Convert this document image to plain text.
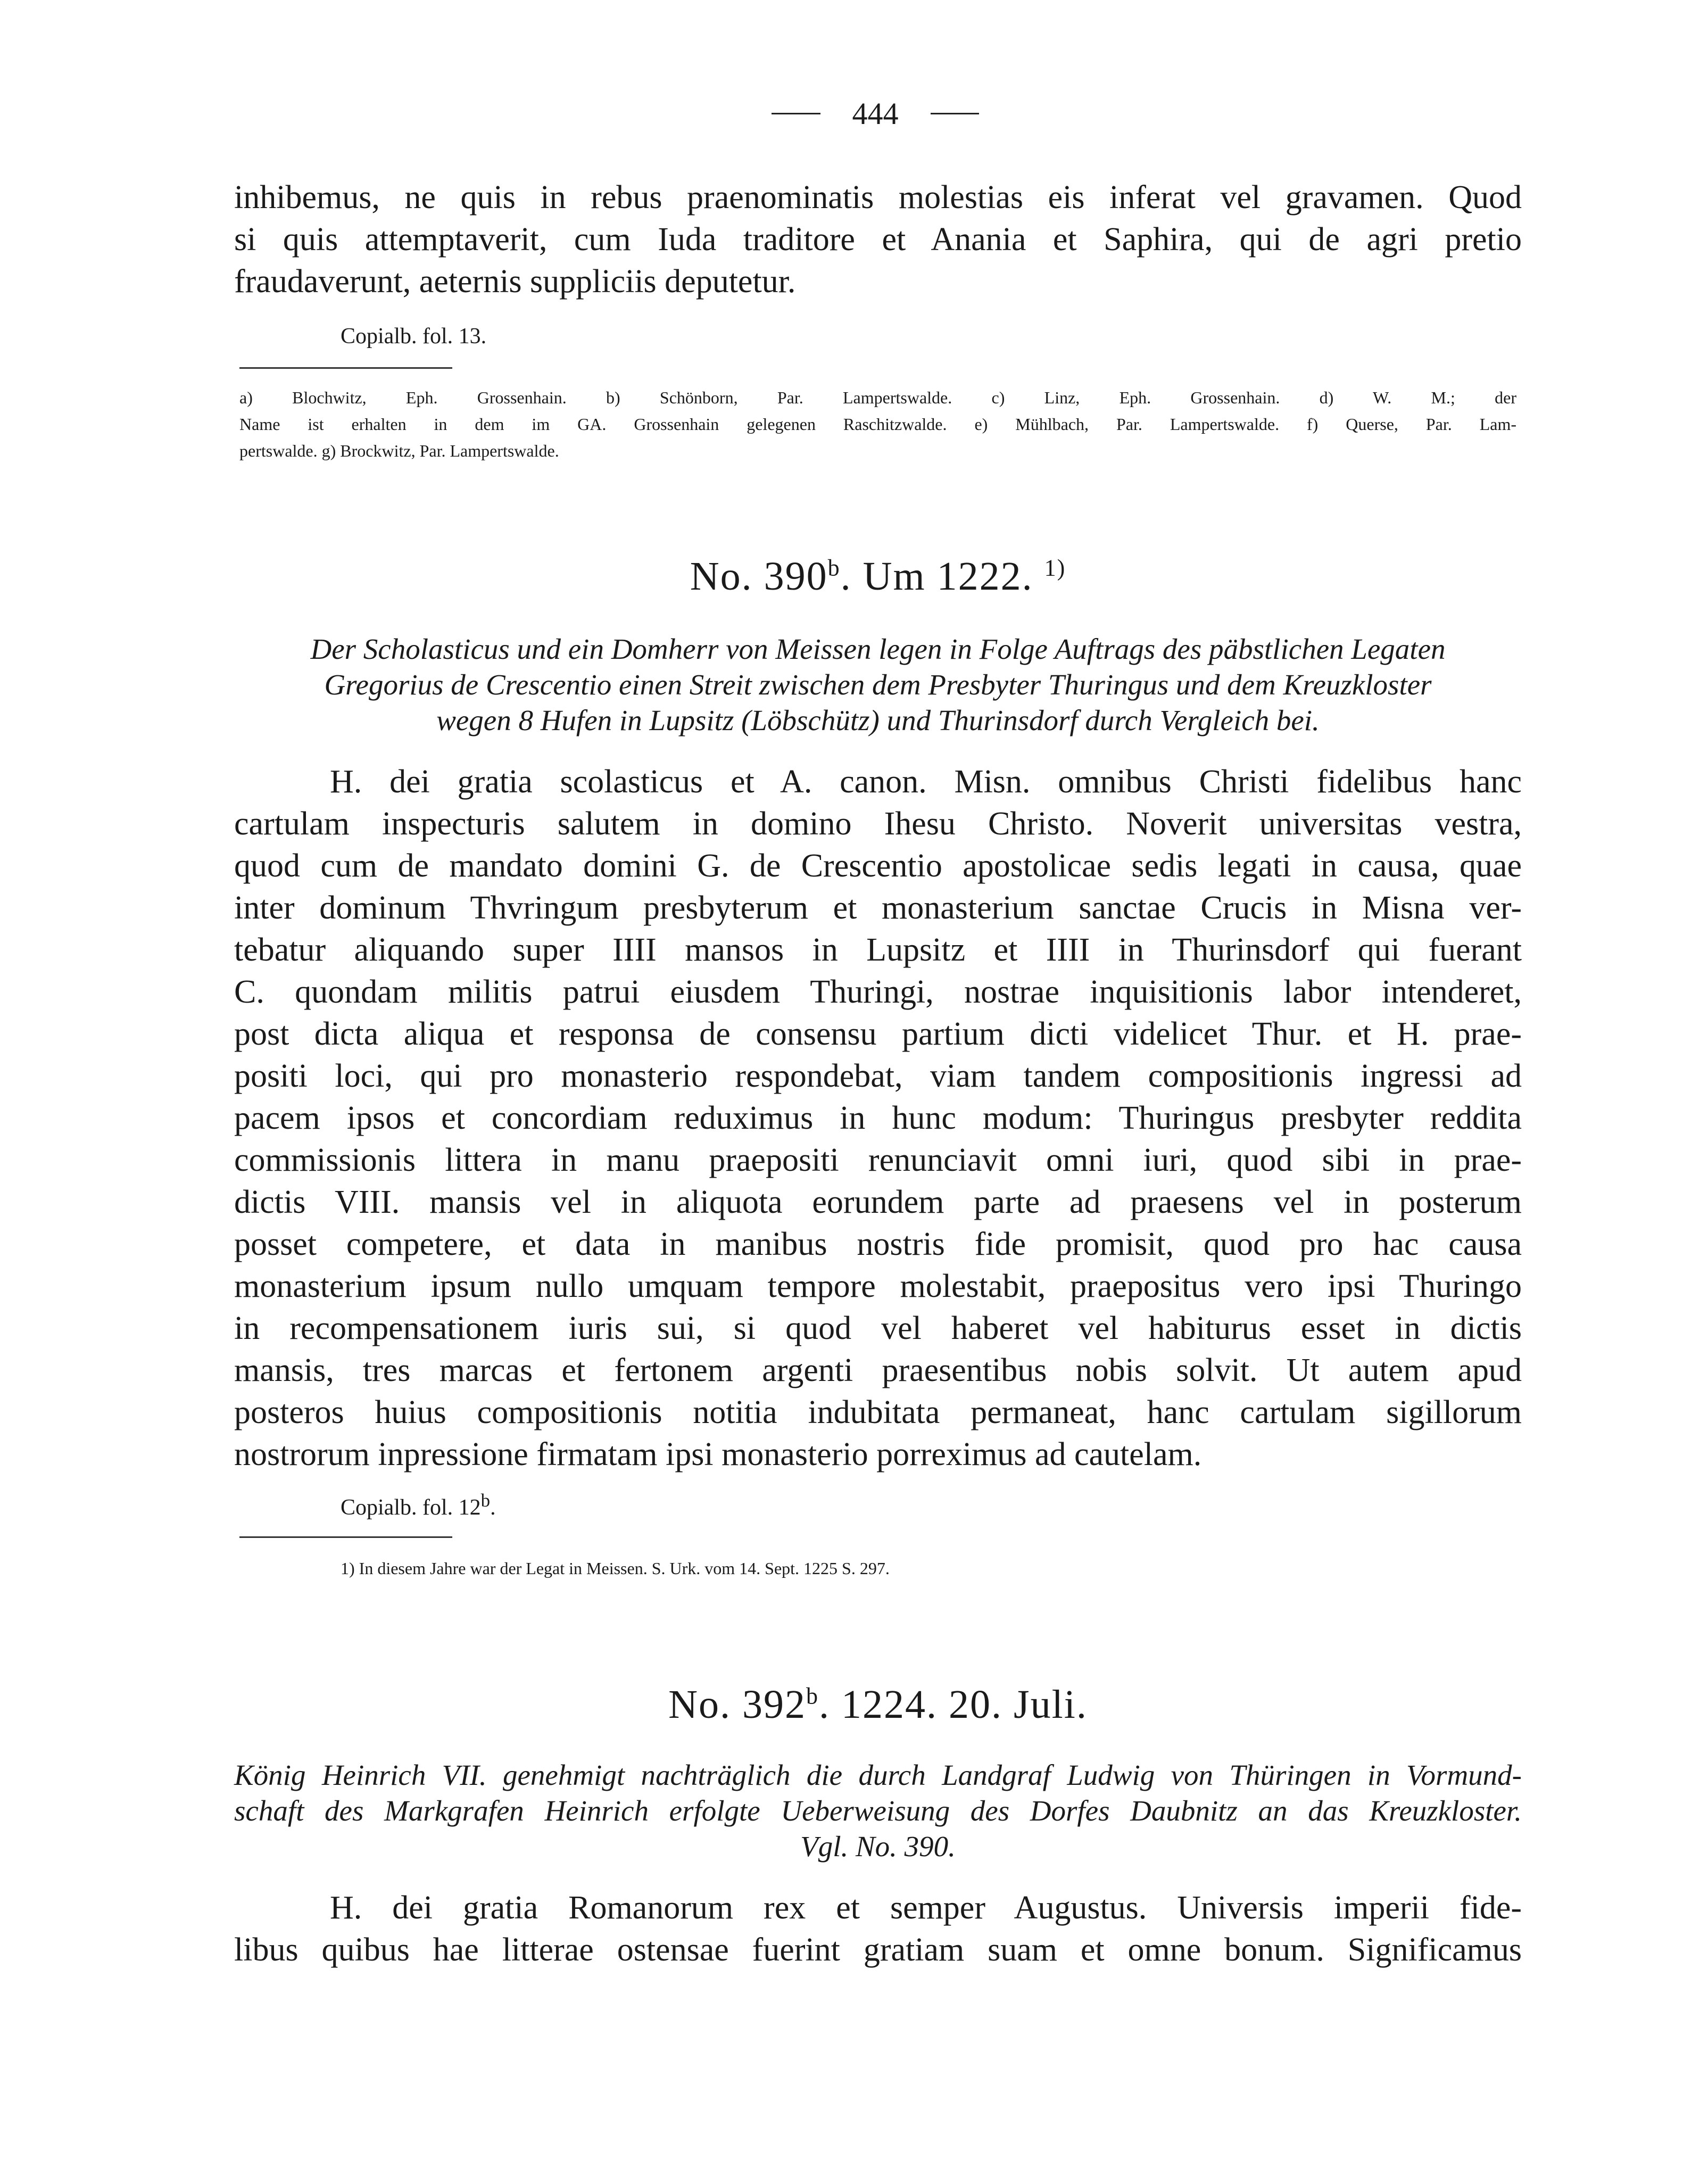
444
inhibemus, ne quis in rebus praenominatis molestias eis inferat vel gravamen. Quod
si quis attemptaverit, cum Iuda traditore et Anania et Saphira, qui de agri pretio
fraudaverunt, aeternis suppliciis deputetur.
Copialb. fol. 13.
a) Blochwitz, Eph. Grossenhain. b) Schönborn, Par. Lampertswalde. c) Linz, Eph. Grossenhain. d) W. M.; der
Name ist erhalten in dem im GA. Grossenhain gelegenen Raschitzwalde. e) Mühlbach, Par. Lampertswalde. f) Querse, Par. Lam-
pertswalde. g) Brockwitz, Par. Lampertswalde.
No. 390$^b$. Um 1222. $^{1)}$
Der Scholasticus und ein Domherr von Meissen legen in Folge Auftrags des päbstlichen Legaten
Gregorius de Crescentio einen Streit zwischen dem Presbyter Thuringus und dem Kreuzkloster
wegen 8 Hufen in Lupsitz (Löbschütz) und Thurinsdorf durch Vergleich bei.
H. dei gratia scolasticus et A. canon. Misn. omnibus Christi fidelibus hanc
cartulam inspecturis salutem in domino Ihesu Christo. Noverit universitas vestra,
quod cum de mandato domini G. de Crescentio apostolicae sedis legati in causa, quae
inter dominum Thvringum presbyterum et monasterium sanctae Crucis in Misna ver-
tebatur aliquando super IIII mansos in Lupsitz et IIII in Thurinsdorf qui fuerant
C. quondam militis patrui eiusdem Thuringi, nostrae inquisitionis labor intenderet,
post dicta aliqua et responsa de consensu partium dicti videlicet Thur. et H. prae-
positi loci, qui pro monasterio respondebat, viam tandem compositionis ingressi ad
pacem ipsos et concordiam reduximus in hunc modum: Thuringus presbyter reddita
commissionis littera in manu praepositi renunciavit omni iuri, quod sibi in prae-
dictis VIII. mansis vel in aliquota eorundem parte ad praesens vel in posterum
posset competere, et data in manibus nostris fide promisit, quod pro hac causa
monasterium ipsum nullo umquam tempore molestabit, praepositus vero ipsi Thuringo
in recompensationem iuris sui, si quod vel haberet vel habiturus esset in dictis
mansis, tres marcas et fertonem argenti praesentibus nobis solvit. Ut autem apud
posteros huius compositionis notitia indubitata permaneat, hanc cartulam sigillorum
nostrorum inpressione firmatam ipsi monasterio porreximus ad cautelam.
Copialb. fol. 12$^b$.
1) In diesem Jahre war der Legat in Meissen. S. Urk. vom 14. Sept. 1225 S. 297.
No. 392$^b$. 1224. 20. Juli.
König Heinrich VII. genehmigt nachträglich die durch Landgraf Ludwig von Thüringen in Vormund-
schaft des Markgrafen Heinrich erfolgte Ueberweisung des Dorfes Daubnitz an das Kreuzkloster.
Vgl. No. 390.
H. dei gratia Romanorum rex et semper Augustus. Universis imperii fide-
libus quibus hae litterae ostensae fuerint gratiam suam et omne bonum. Significamus
